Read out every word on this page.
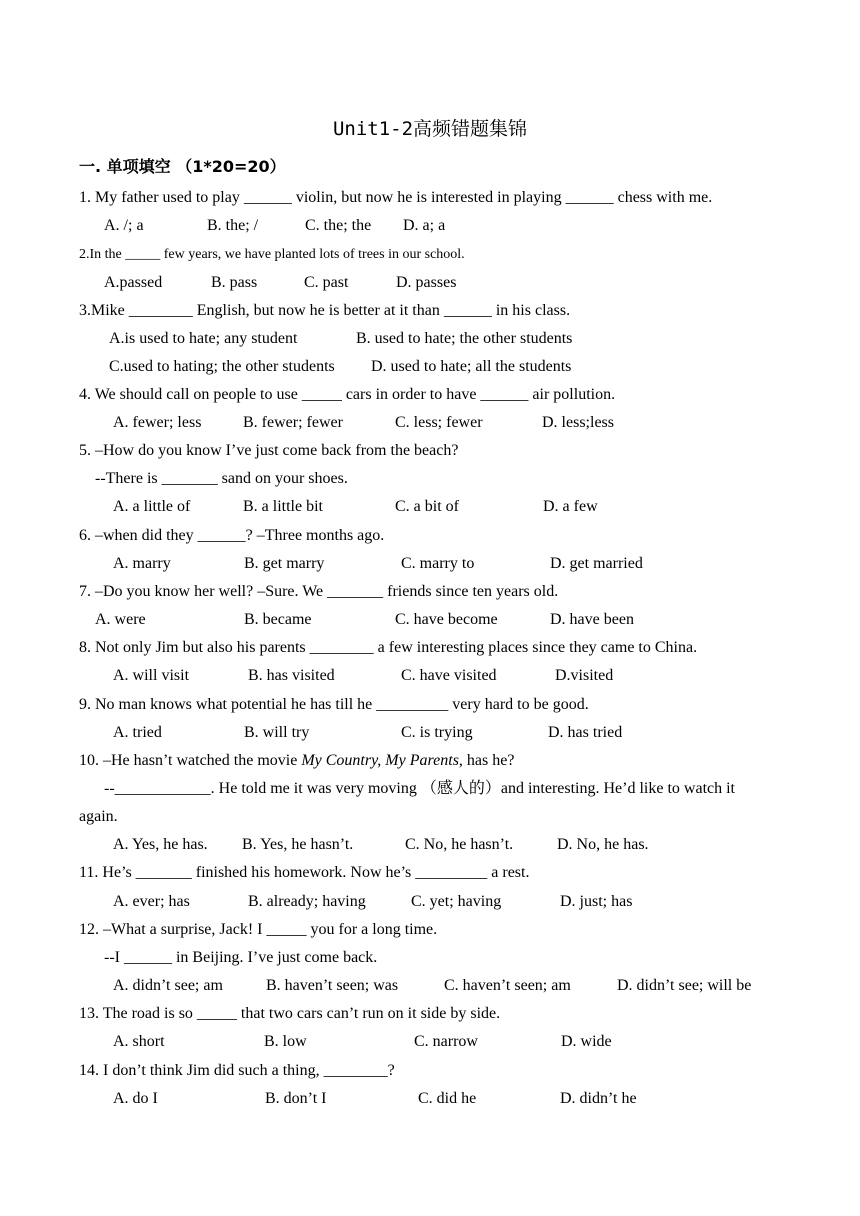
Unit1-2高频错题集锦
一. 单项填空 （1*20=20）
1. My father used to play ______ violin, but now he is interested in playing ______ chess with me.
A. /; a	B. the; /	C. the; the D. a; a
2.In the _____ few years, we have planted lots of trees in our school.
A.passed	B. pass	C. past	D. passes
3.Mike ________ English, but now he is better at it than ______ in his class.
A.is used to hate; any student	B. used to hate; the other students
C.used to hating; the other students D. used to hate; all the students
4. We should call on people to use _____ cars in order to have ______ air pollution.
A. fewer; less	B. fewer; fewer	C. less; fewer	D. less;less
5. –How do you know I’ve just come back from the beach?
--There is _______ sand on your shoes.
A. a little of	B. a little bit	C. a bit of	D. a few
6. –when did they ______? –Three months ago.
A. marry	B. get marry	C. marry to	D. get married
7. –Do you know her well? –Sure. We _______ friends since ten years old.
A. were	B. became	C. have become	D. have been
8. Not only Jim but also his parents ________ a few interesting places since they came to China.
A. will visit	B. has visited	C. have visited	D.visited
9. No man knows what potential he has till he _________ very hard to be good.
A. tried	B. will try	C. is trying	D. has tried
10. –He hasn’t watched the movie My Country, My Parents, has he?
--____________. He told me it was very moving （感人的）and interesting. He’d like to watch it
again.
A. Yes, he has. B. Yes, he hasn’t.	C. No, he hasn’t.	D. No, he has.
11. He’s _______ finished his homework. Now he’s _________ a rest.
A. ever; has	B. already; having	C. yet; having	D. just; has
12. –What a surprise, Jack! I _____ you for a long time.
--I ______ in Beijing. I’ve just come back.
A. didn’t see; am	B. haven’t seen; was	C. haven’t seen; am	D. didn’t see; will be
13. The road is so _____ that two cars can’t run on it side by side.
A. short	B. low	C. narrow	D. wide
14. I don’t think Jim did such a thing, ________?
A. do I	B. don’t I	C. did he	D. didn’t he
